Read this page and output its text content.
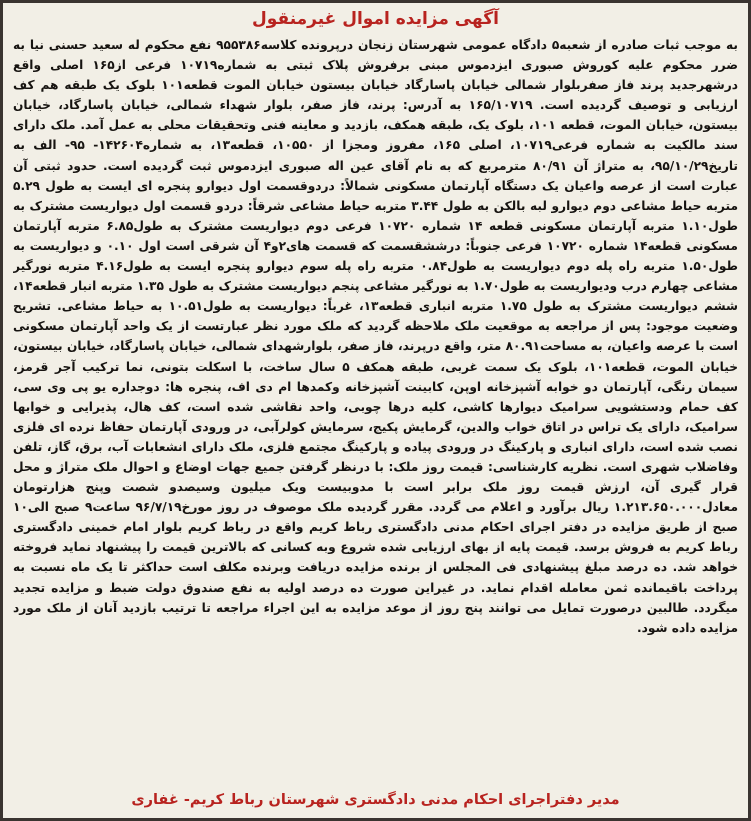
آگهی مزایده اموال غیرمنقول

به موجب ثبات صادره از شعبه۵ دادگاه عمومی شهرستان زنجان درپرونده کلاسه۹۵۵۳۸۶ نفع محکوم له سعید حسنی نیا به ضرر محکوم علیه کوروش صبوری ایزدموس مبنی برفروش پلاک ثبتی به شماره۱۰۷۱۹ فرعی از۱۶۵ اصلی واقع درشهرجدید پرند فاز صفربلوار شمالی خیابان پاسارگاد خیابان بیستون خیابان الموت قطعه۱۰۱ بلوک یک طبقه هم کف ارزیابی و توصیف گردیده است. ۱۶۵/۱۰۷۱۹ به آدرس: پرند، فاز صفر، بلوار شهداء شمالی، خیابان پاسارگاد، خیابان بیستون، خیابان الموت، قطعه ۱۰۱، بلوک یک، طبقه همکف، بازدید و معاینه فنی وتحقیقات محلی به عمل آمد. ملک دارای سند مالکیت به شماره فرعی۱۰۷۱۹، اصلی ۱۶۵، مفروز ومجزا از ۱۰۵۵۰، قطعه۱۳، به شماره۱۴۲۶۰۴- ۹۵- الف به تاریخ۹۵/۱۰/۲۹، به متراژ آن ۸۰/۹۱ مترمربع که به نام آقای عین اله صبوری ایزدموس ثبت گردیده است. حدود ثبتی آن عبارت است از عرصه واعیان یک دستگاه آپارتمان مسکونی شمالاً: دردوقسمت اول دیوارو پنجره ای ایست به طول ۵.۲۹ متربه حیاط مشاعی دوم دیوارو لبه بالکن به طول ۳.۴۴ متربه حیاط مشاعی شرقاً: دردو قسمت اول دیواریست مشترک به طول۱.۱۰ متربه آپارتمان مسکونی قطعه ۱۴ شماره ۱۰۷۲۰ فرعی دوم دیواریست مشترک به طول۶.۸۵ متربه آپارتمان مسکونی قطعه۱۴ شماره ۱۰۷۲۰ فرعی جنوباً: درششقسمت که قسمت های۲و۴ آن شرقی است اول ۰.۱۰ و دیواریست به طول۱.۵۰ متربه راه پله دوم دیواریست به طول۰.۸۴ متربه راه پله سوم دیوارو پنجره ایست به طول۴.۱۶ متربه نورگیر مشاعی چهارم درب ودیواریست به طول۱.۷۰ به نورگیر مشاعی پنجم دیواریست مشترک به طول ۱.۳۵ متربه انبار قطعه۱۴، ششم دیواریست مشترک به طول ۱.۷۵ متربه انباری قطعه۱۳، غرباً: دیواریست به طول۱۰.۵۱ به حیاط مشاعی. تشریح وضعیت موجود: پس از مراجعه به موقعیت ملک ملاحظه گردید که ملک مورد نظر عبارتست از یک واحد آپارتمان مسکونی است با عرصه واعیان، به مساحت۸۰.۹۱ متر، واقع درپرند، فاز صفر، بلوارشهدای شمالی، خیابان پاسارگاد، خیابان بیستون، خیابان الموت، قطعه۱۰۱، بلوک یک سمت غربی، طبقه همکف ۵ سال ساخت، با اسکلت بتونی، نما ترکیب آجر قرمز، سیمان رنگی، آپارتمان دو خوابه آشپزخانه اوپن، کابینت آشپزخانه وکمدها ام دی اف، پنجره ها: دوجداره یو پی وی سی، کف حمام ودستشویی سرامیک دیوارها کاشی، کلیه درها چوبی، واحد نقاشی شده است، کف هال، پذیرایی و خوابها سرامیک، دارای یک تراس در اتاق خواب والدین، گرمایش پکیج، سرمایش کولرآبی، در ورودی آپارتمان حفاظ نرده ای فلزی نصب شده است، دارای انباری و پارکینگ در ورودی پیاده و پارکینگ مجتمع فلزی، ملک دارای انشعابات آب، برق، گاز، تلفن وفاضلاب شهری است. نظریه کارشناسی: قیمت روز ملک: با درنظر گرفتن جمیع جهات اوضاع و احوال ملک متراژ و محل قرار گیری آن، ارزش قیمت روز ملک برابر است با مدوبیست ویک میلیون وسیصدو شصت وپنج هزارتومان معادل۱.۲۱۳.۶۵۰.۰۰۰ ریال برآورد و اعلام می گردد. مقرر گردیده ملک موصوف در روز مورخ۹۶/۷/۱۹ ساعت۹ صبح الی۱۰ صبح از طریق مزایده در دفتر اجرای احکام مدنی دادگستری رباط کریم واقع در رباط کریم بلوار امام خمینی دادگستری رباط کریم به فروش برسد. قیمت پایه از بهای ارزیابی شده شروع وبه کسانی که بالاترین قیمت را پیشنهاد نماید فروخته خواهد شد. ده درصد مبلغ پیشنهادی فی المجلس از برنده مزایده دریافت وبرنده مکلف است حداکثر تا یک ماه نسبت به پرداخت باقیمانده ثمن معامله اقدام نماید. در غیراین صورت ده درصد اولیه به نفع صندوق دولت ضبط و مزایده تجدید میگردد. طالبین درصورت تمایل می توانند پنج روز از موعد مزایده به این اجراء مراجعه تا ترتیب بازدید آنان از ملک مورد مزایده داده شود.

مدیر دفتراجرای احکام مدنی دادگستری شهرستان رباط کریم- غفاری
